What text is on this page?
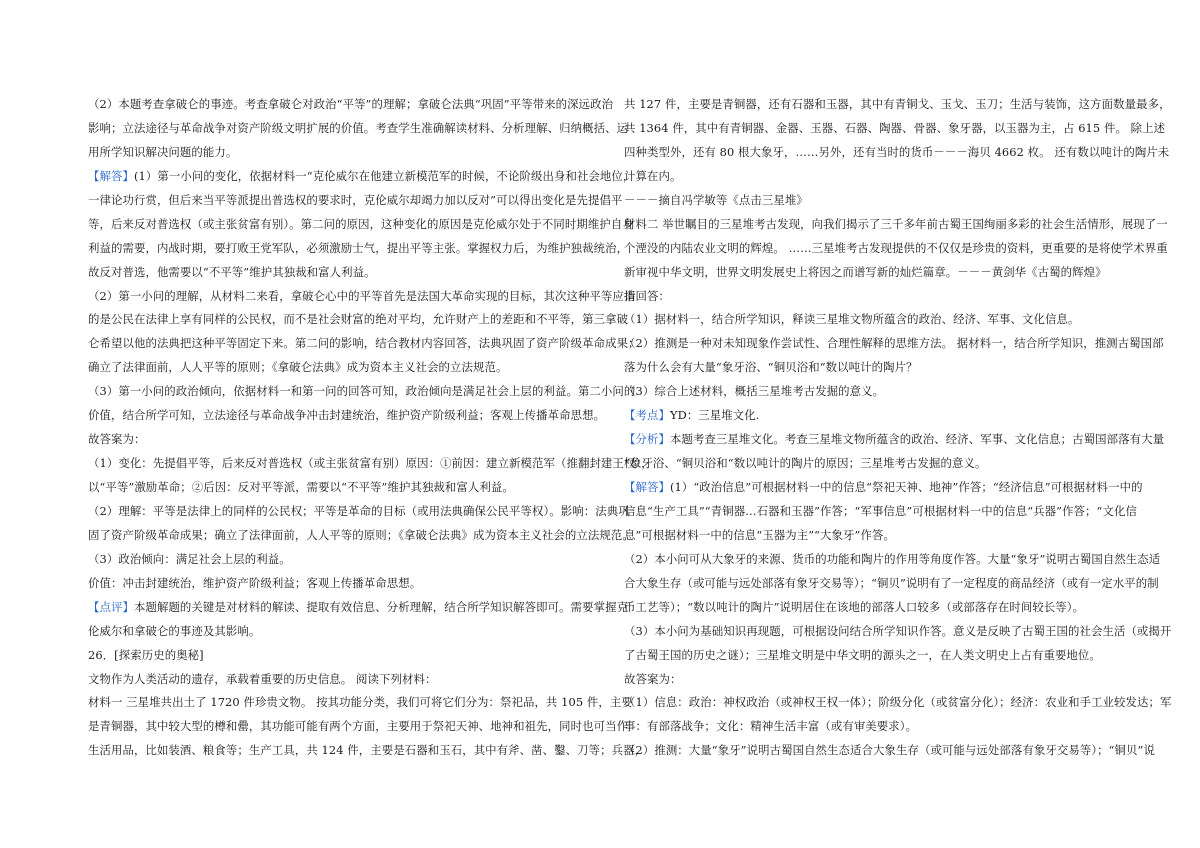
（2）本题考查拿破仑的事迹。考查拿破仑对政治“平等”的理解；拿破仑法典“巩固”平等带来的深远政治
影响；立法途径与革命战争对资产阶级文明扩展的价值。考查学生准确解读材料、分析理解、归纳概括、运
用所学知识解决问题的能力。
【解答】(1）第一小问的变化，依据材料一“克伦威尔在他建立新模范军的时候，不论阶级出身和社会地位，
一律论功行赏，但后来当平等派提出普选权的要求时，克伦威尔却竭力加以反对”可以得出变化是先提倡平
等，后来反对普选权（或主张贫富有别）。第二问的原因，这种变化的原因是克伦威尔处于不同时期维护自身
利益的需要，内战时期，要打败王党军队，必须激励士气，提出平等主张。掌握权力后，为维护独裁统治，
故反对普选，他需要以“不平等”维护其独裁和富人利益。
（2）第一小问的理解，从材料二来看，拿破仑心中的平等首先是法国大革命实现的目标，其次这种平等应指
的是公民在法律上享有同样的公民权，而不是社会财富的绝对平均，允许财产上的差距和不平等，第三拿破
仑希望以他的法典把这种平等固定下来。第二问的影响，结合教材内容回答，法典巩固了资产阶级革命成果；
确立了法律面前，人人平等的原则；《拿破仑法典》成为资本主义社会的立法规范。
（3）第一小问的政治倾向，依据材料一和第一问的回答可知，政治倾向是满足社会上层的利益。第二小问的
价值，结合所学可知，立法途径与革命战争冲击封建统治，维护资产阶级利益；客观上传播革命思想。
故答案为：
（1）变化：先提倡平等，后来反对普选权（或主张贫富有别）原因：①前因：建立新模范军（推翻封建王权），
以“平等”激励革命；②后因：反对平等派，需要以“不平等”维护其独裁和富人利益。
（2）理解：平等是法律上的同样的公民权；平等是革命的目标（或用法典确保公民平等权）。影响：法典巩
固了资产阶级革命成果；确立了法律面前，人人平等的原则；《拿破仑法典》成为资本主义社会的立法规范。
（3）政治倾向：满足社会上层的利益。
价值：冲击封建统治，维护资产阶级利益；客观上传播革命思想。
【点评】本题解题的关键是对材料的解读、提取有效信息、分析理解，结合所学知识解答即可。需要掌握克
伦威尔和拿破仑的事迹及其影响。
26．[探索历史的奥秘]
文物作为人类活动的遗存，承载着重要的历史信息。 阅读下列材料：
材料一 三星堆共出土了 1720 件珍贵文物。 按其功能分类，我们可将它们分为：祭祀品，共 105 件，主要
是青铜器，其中较大型的樽和罍，其功能可能有两个方面，主要用于祭祀天神、地神和祖先，同时也可当作
生活用品，比如装酒、粮食等；生产工具，共 124 件，主要是石器和玉石，其中有斧、凿、鑿、刀等；兵器，
共 127 件，主要是青铜器，还有石器和玉器，其中有青铜戈、玉戈、玉刀；生活与装饰，这方面数量最多，
共 1364 件，其中有青铜器、金器、玉器、石器、陶器、骨器、象牙器，以玉器为主，占 615 件。 除上述
四种类型外，还有 80 根大象牙，……另外，还有当时的货币－－－海贝 4662 枚。 还有数以吨计的陶片未
计算在内。
－－－摘自冯学敏等《点击三星堆》
材料二 举世瞩目的三星堆考古发现，向我们揭示了三千多年前古蜀王国绚丽多彩的社会生活情形，展现了一
个湮没的内陆农业文明的辉煌。 ……三星堆考古发现提供的不仅仅是珍贵的资料，更重要的是将使学术界重
新审视中华文明，世界文明发展史上将因之而谱写新的灿烂篇章。－－－黄剑华《古蜀的辉煌》
请回答：
（1）据材料一，结合所学知识，释读三星堆文物所蕴含的政治、经济、军事、文化信息。
（2）推测是一种对未知现象作尝试性、合理性解释的思维方法。 据材料一，结合所学知识，推测古蜀国部
落为什么会有大量“象牙浴、“铜贝浴和“数以吨计的陶片？
（3）综合上述材料，概括三星堆考古发掘的意义。
【考点】YD：三星堆文化.
【分析】本题考查三星堆文化。考查三星堆文物所蕴含的政治、经济、军事、文化信息；古蜀国部落有大量
“象牙浴、“铜贝浴和“数以吨计的陶片的原因；三星堆考古发掘的意义。
【解答】(1）“政治信息”可根据材料一中的信息“祭祀天神、地神”作答；“经济信息”可根据材料一中的
信息“生产工具”“青铜器…石器和玉器”作答；“军事信息”可根据材料一中的信息“兵器”作答；“文化信
息”可根据材料一中的信息“玉器为主”“大象牙”作答。
（2）本小问可从大象牙的来源、货币的功能和陶片的作用等角度作答。大量“象牙”说明古蜀国自然生态适
合大象生存（或可能与远处部落有象牙交易等）；“铜贝”说明有了一定程度的商品经济（或有一定水平的制
币工艺等）；“数以吨计的陶片”说明居住在该地的部落人口较多（或部落存在时间较长等）。
（3）本小问为基础知识再现题，可根据设问结合所学知识作答。意义是反映了古蜀王国的社会生活（或揭开
了古蜀王国的历史之谜）；三星堆文明是中华文明的源头之一，在人类文明史上占有重要地位。
故答案为：
（1）信息：政治：神权政治（或神权王权一体）；阶级分化（或贫富分化）；经济：农业和手工业较发达；军
事：有部落战争；文化：精神生活丰富（或有审美要求）。
（2）推测：大量“象牙”说明古蜀国自然生态适合大象生存（或可能与远处部落有象牙交易等）；“铜贝”说
